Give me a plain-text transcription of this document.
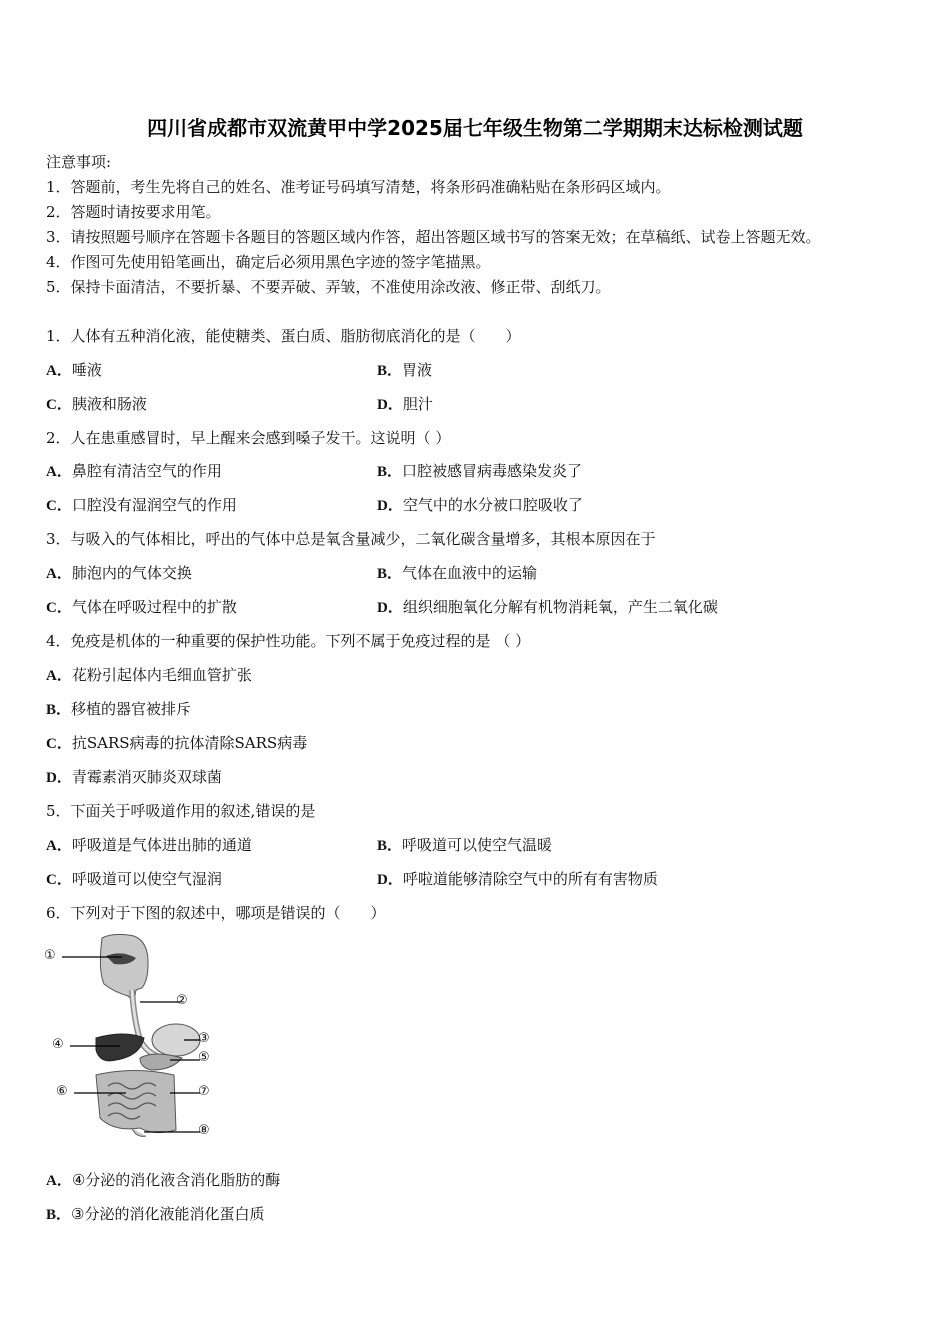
四川省成都市双流黄甲中学2025届七年级生物第二学期期末达标检测试题
注意事项:
1．答题前，考生先将自己的姓名、准考证号码填写清楚，将条形码准确粘贴在条形码区域内。
2．答题时请按要求用笔。
3．请按照题号顺序在答题卡各题目的答题区域内作答，超出答题区域书写的答案无效；在草稿纸、试卷上答题无效。
4．作图可先使用铅笔画出，确定后必须用黑色字迹的签字笔描黑。
5．保持卡面清洁，不要折暴、不要弄破、弄皱，不准使用涂改液、修正带、刮纸刀。
1．人体有五种消化液，能使糖类、蛋白质、脂肪彻底消化的是（　　）
A．唾液	B．胃液
C．胰液和肠液	D．胆汁
2．人在患重感冒时，早上醒来会感到嗓子发干。这说明（ ）
A．鼻腔有清洁空气的作用	B．口腔被感冒病毒感染发炎了
C．口腔没有湿润空气的作用	D．空气中的水分被口腔吸收了
3．与吸入的气体相比，呼出的气体中总是氧含量减少，二氧化碳含量增多，其根本原因在于
A．肺泡内的气体交换	B．气体在血液中的运输
C．气体在呼吸过程中的扩散	D．组织细胞氧化分解有机物消耗氧，产生二氧化碳
4．免疫是机体的一种重要的保护性功能。下列不属于免疫过程的是 （ ）
A．花粉引起体内毛细血管扩张
B．移植的器官被排斥
C．抗SARS病毒的抗体清除SARS病毒
D．青霉素消灭肺炎双球菌
5．下面关于呼吸道作用的叙述,错误的是
A．呼吸道是气体进出肺的通道	B．呼吸道可以使空气温暖
C．呼吸道可以使空气湿润	D．呼啦道能够清除空气中的所有有害物质
6．下列对于下图的叙述中，哪项是错误的（　　）
①
②
③
④
⑤
⑥	⑦
⑧
A．④分泌的消化液含消化脂肪的酶
B．③分泌的消化液能消化蛋白质
